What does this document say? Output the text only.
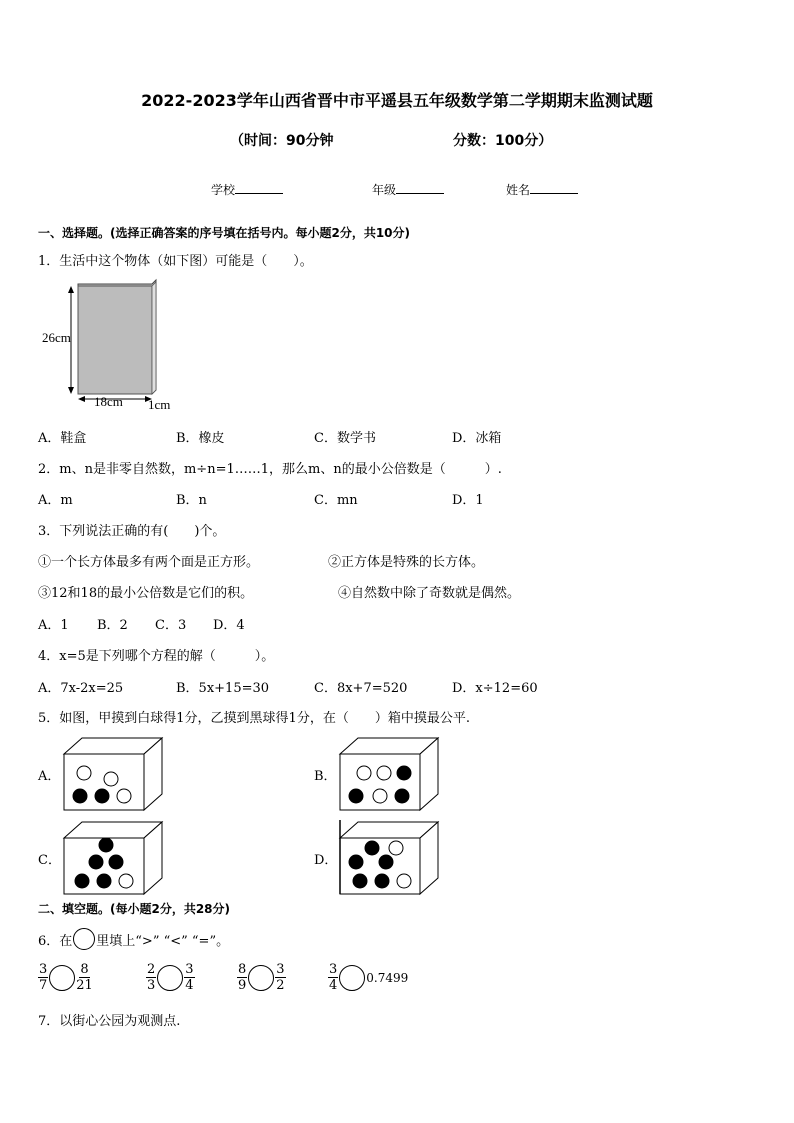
2022-2023学年山西省晋中市平遥县五年级数学第二学期期末监测试题
（时间：90分钟	分数：100分）
学校	年级	姓名
一、选择题。(选择正确答案的序号填在括号内。每小题2分，共10分)
1．生活中这个物体（如下图）可能是（　　）。
26cm
18cm 1cm
A．鞋盒	B．橡皮	C．数学书	D．冰箱
2．m、n是非零自然数，m÷n=1……1，那么m、n的最小公倍数是（　　　）.
A．m	B．n	C．mn	D．1
3．下列说法正确的有(　　)个。
①一个长方体最多有两个面是正方形。	②正方体是特殊的长方体。
③12和18的最小公倍数是它们的积。	④自然数中除了奇数就是偶然。
A．1 B．2 C．3 D．4
4．x=5是下列哪个方程的解（　　　）。
A．7x-2x=25	B．5x+15=30	C．8x+7=520	D．x÷12=60
5．如图，甲摸到白球得1分，乙摸到黑球得1分，在（　　）箱中摸最公平.
A．	B．
C．	D．
二、填空题。(每小题2分，共28分)
6．在 里填上“>” “<” “=”。
$\frac{3}{7} \frac{8}{21}$	$\frac{2}{3} \frac{3}{4}$	$\frac{8}{9} \frac{3}{2}$	$\frac{3}{4} 0.7499$
7．以街心公园为观测点.
